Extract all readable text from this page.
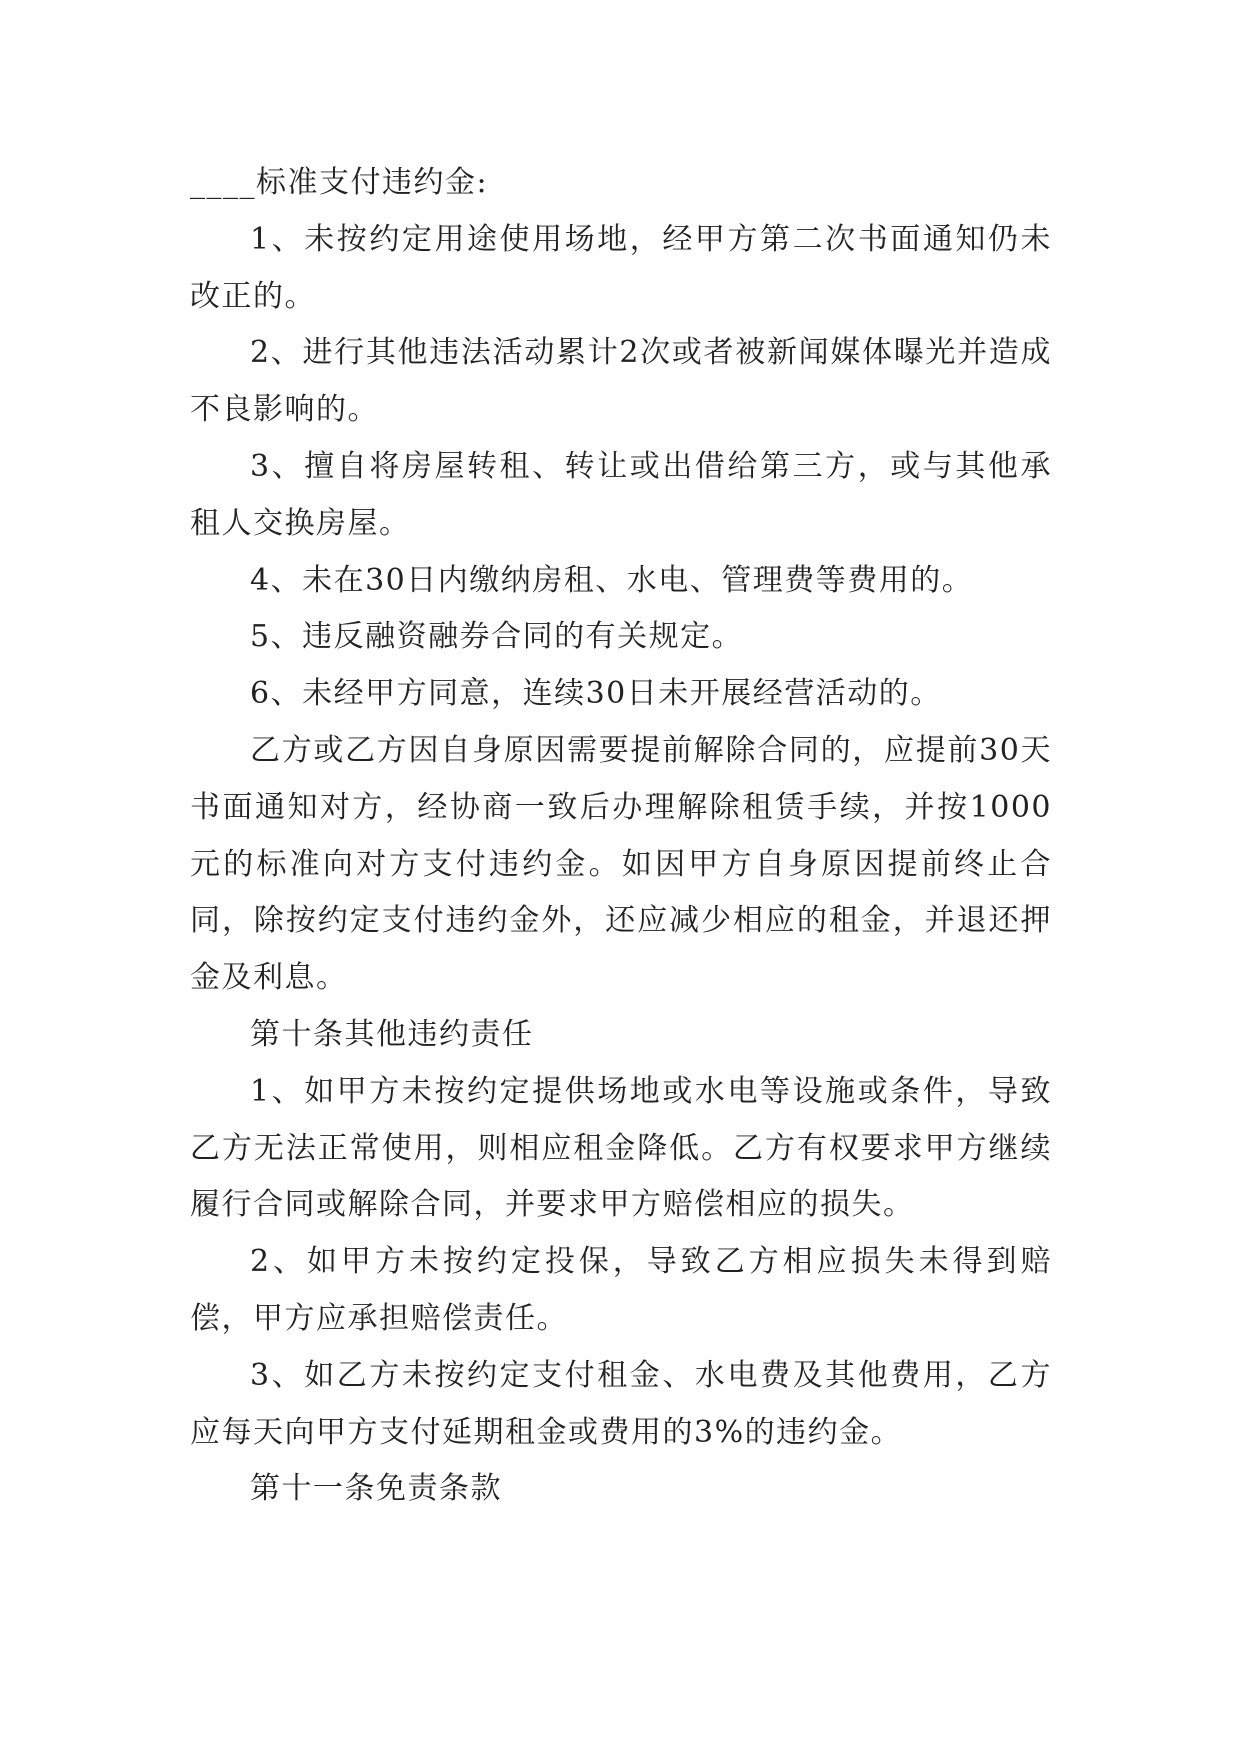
____标准支付违约金:

1、未按约定用途使用场地，经甲方第二次书面通知仍未改正的。

2、进行其他违法活动累计2次或者被新闻媒体曝光并造成不良影响的。

3、擅自将房屋转租、转让或出借给第三方，或与其他承租人交换房屋。

4、未在30日内缴纳房租、水电、管理费等费用的。

5、违反融资融券合同的有关规定。

6、未经甲方同意，连续30日未开展经营活动的。

乙方或乙方因自身原因需要提前解除合同的，应提前30天书面通知对方，经协商一致后办理解除租赁手续，并按1000元的标准向对方支付违约金。如因甲方自身原因提前终止合同，除按约定支付违约金外，还应减少相应的租金，并退还押金及利息。

第十条其他违约责任

1、如甲方未按约定提供场地或水电等设施或条件，导致乙方无法正常使用，则相应租金降低。乙方有权要求甲方继续履行合同或解除合同，并要求甲方赔偿相应的损失。

2、如甲方未按约定投保，导致乙方相应损失未得到赔偿，甲方应承担赔偿责任。

3、如乙方未按约定支付租金、水电费及其他费用，乙方应每天向甲方支付延期租金或费用的3%的违约金。

第十一条免责条款
